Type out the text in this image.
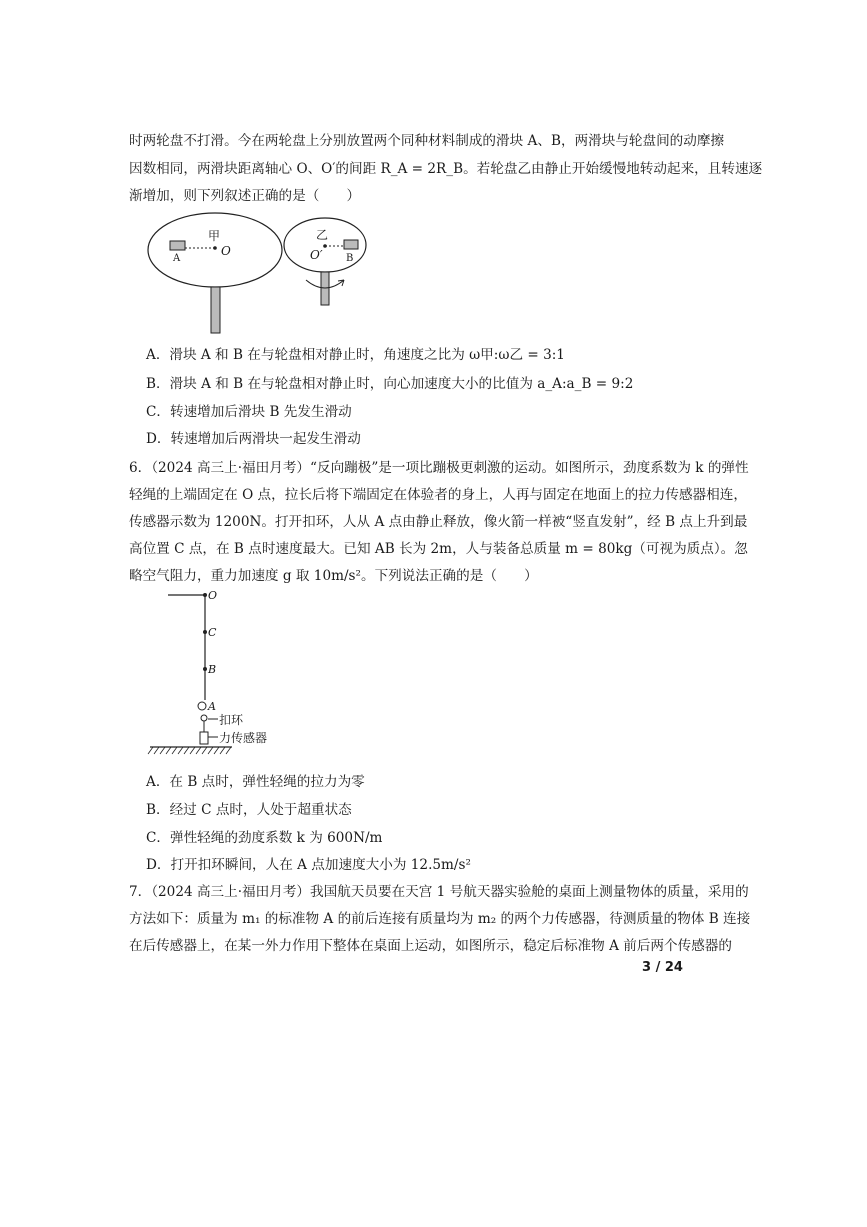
时两轮盘不打滑。今在两轮盘上分别放置两个同种材料制成的滑块 A、B，两滑块与轮盘间的动摩擦
因数相同，两滑块距离轴心 O、O′的间距 R_A = 2R_B。若轮盘乙由静止开始缓慢地转动起来，且转速逐
渐增加，则下列叙述正确的是（　　）
甲
O
A
乙
O′ B
A．滑块 A 和 B 在与轮盘相对静止时，角速度之比为 ω甲:ω乙 = 3:1
B．滑块 A 和 B 在与轮盘相对静止时，向心加速度大小的比值为 a_A:a_B = 9:2
C．转速增加后滑块 B 先发生滑动
D．转速增加后两滑块一起发生滑动
6．（2024 高三上·福田月考）“反向蹦极”是一项比蹦极更刺激的运动。如图所示，劲度系数为 k 的弹性
轻绳的上端固定在 O 点，拉长后将下端固定在体验者的身上，人再与固定在地面上的拉力传感器相连，
传感器示数为 1200N。打开扣环，人从 A 点由静止释放，像火箭一样被“竖直发射”，经 B 点上升到最
高位置 C 点，在 B 点时速度最大。已知 AB 长为 2m，人与装备总质量 m = 80kg（可视为质点）。忽
略空气阻力，重力加速度 g 取 10m/s²。下列说法正确的是（　　）
O
C
B
A
扣环
力传感器
A．在 B 点时，弹性轻绳的拉力为零
B．经过 C 点时，人处于超重状态
C．弹性轻绳的劲度系数 k 为 600N/m
D．打开扣环瞬间，人在 A 点加速度大小为 12.5m/s²
7．（2024 高三上·福田月考）我国航天员要在天宫 1 号航天器实验舱的桌面上测量物体的质量，采用的
方法如下：质量为 m₁ 的标准物 A 的前后连接有质量均为 m₂ 的两个力传感器，待测质量的物体 B 连接
在后传感器上，在某一外力作用下整体在桌面上运动，如图所示，稳定后标准物 A 前后两个传感器的
3 / 24
